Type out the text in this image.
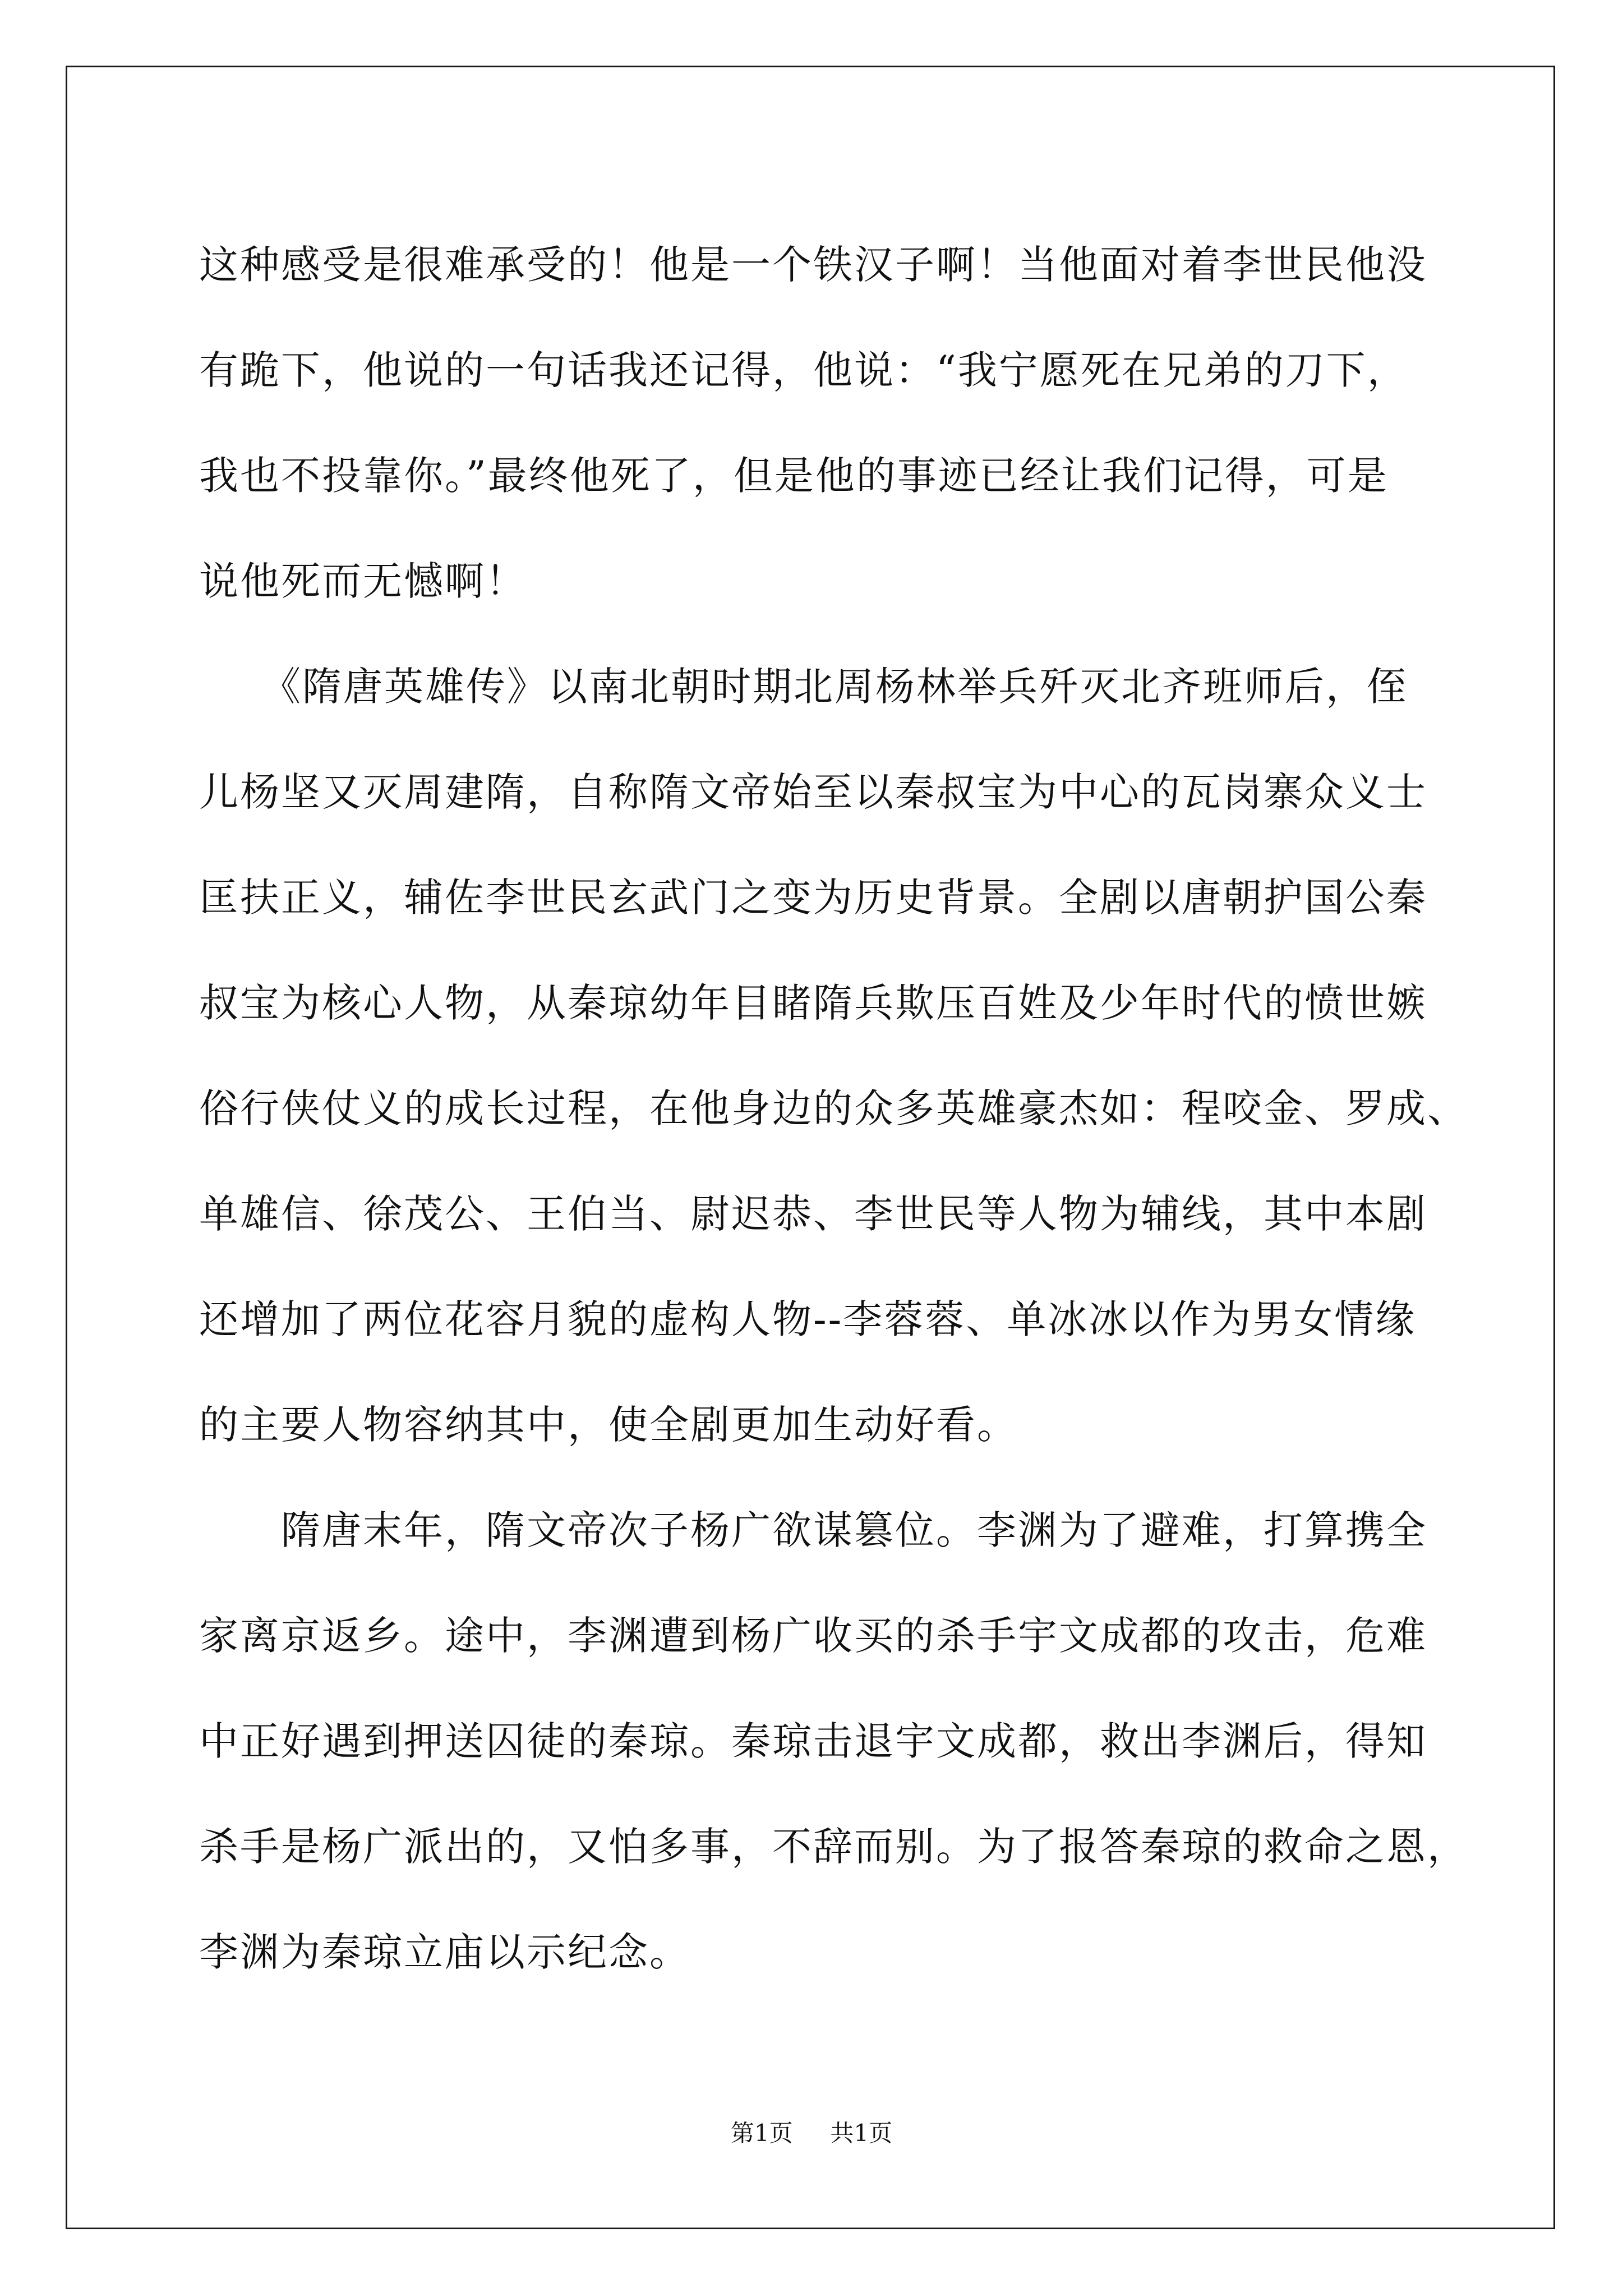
这种感受是很难承受的！他是一个铁汉子啊！当他面对着李世民他没
有跪下，他说的一句话我还记得，他说：“我宁愿死在兄弟的刀下，
我也不投靠你。”最终他死了，但是他的事迹已经让我们记得，可是
说他死而无憾啊！
　　《隋唐英雄传》以南北朝时期北周杨林举兵歼灭北齐班师后，侄
儿杨坚又灭周建隋，自称隋文帝始至以秦叔宝为中心的瓦岗寨众义士
匡扶正义，辅佐李世民玄武门之变为历史背景。全剧以唐朝护国公秦
叔宝为核心人物，从秦琼幼年目睹隋兵欺压百姓及少年时代的愤世嫉
俗行侠仗义的成长过程，在他身边的众多英雄豪杰如：程咬金、罗成、
单雄信、徐茂公、王伯当、尉迟恭、李世民等人物为辅线，其中本剧
还增加了两位花容月貌的虚构人物--李蓉蓉、单冰冰以作为男女情缘
的主要人物容纳其中，使全剧更加生动好看。
　　隋唐末年，隋文帝次子杨广欲谋篡位。李渊为了避难，打算携全
家离京返乡。途中，李渊遭到杨广收买的杀手宇文成都的攻击，危难
中正好遇到押送囚徒的秦琼。秦琼击退宇文成都，救出李渊后，得知
杀手是杨广派出的，又怕多事，不辞而别。为了报答秦琼的救命之恩，
李渊为秦琼立庙以示纪念。
第1页 共1页
